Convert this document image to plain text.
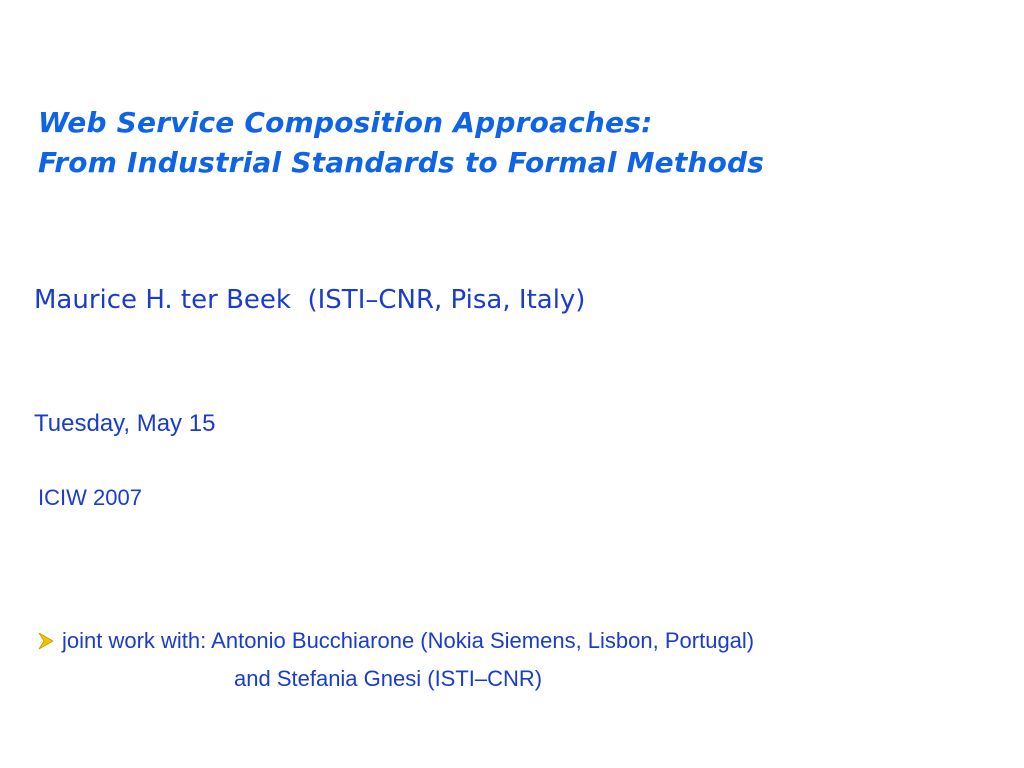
Web Service Composition Approaches:
From Industrial Standards to Formal Methods
Maurice H. ter Beek  (ISTI–CNR, Pisa, Italy)
Tuesday, May 15
ICIW 2007
joint work with: Antonio Bucchiarone (Nokia Siemens, Lisbon, Portugal)
and Stefania Gnesi (ISTI–CNR)
